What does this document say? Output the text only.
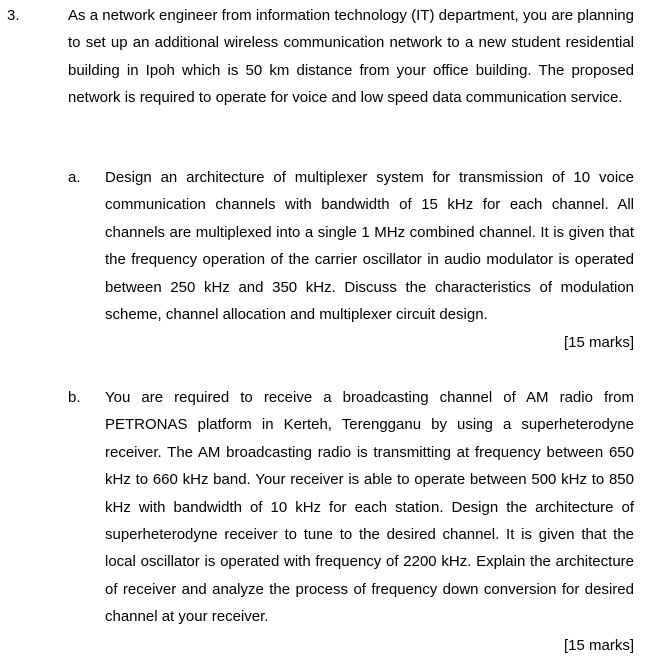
3.	As a network engineer from information technology (IT) department, you are planning to set up an additional wireless communication network to a new student residential building in Ipoh which is 50 km distance from your office building. The proposed network is required to operate for voice and low speed data communication service.
a. Design an architecture of multiplexer system for transmission of 10 voice communication channels with bandwidth of 15 kHz for each channel. All channels are multiplexed into a single 1 MHz combined channel. It is given that the frequency operation of the carrier oscillator in audio modulator is operated between 250 kHz and 350 kHz. Discuss the characteristics of modulation scheme, channel allocation and multiplexer circuit design.
[15 marks]
b. You are required to receive a broadcasting channel of AM radio from PETRONAS platform in Kerteh, Terengganu by using a superheterodyne receiver. The AM broadcasting radio is transmitting at frequency between 650 kHz to 660 kHz band. Your receiver is able to operate between 500 kHz to 850 kHz with bandwidth of 10 kHz for each station. Design the architecture of superheterodyne receiver to tune to the desired channel. It is given that the local oscillator is operated with frequency of 2200 kHz. Explain the architecture of receiver and analyze the process of frequency down conversion for desired channel at your receiver.
[15 marks]
